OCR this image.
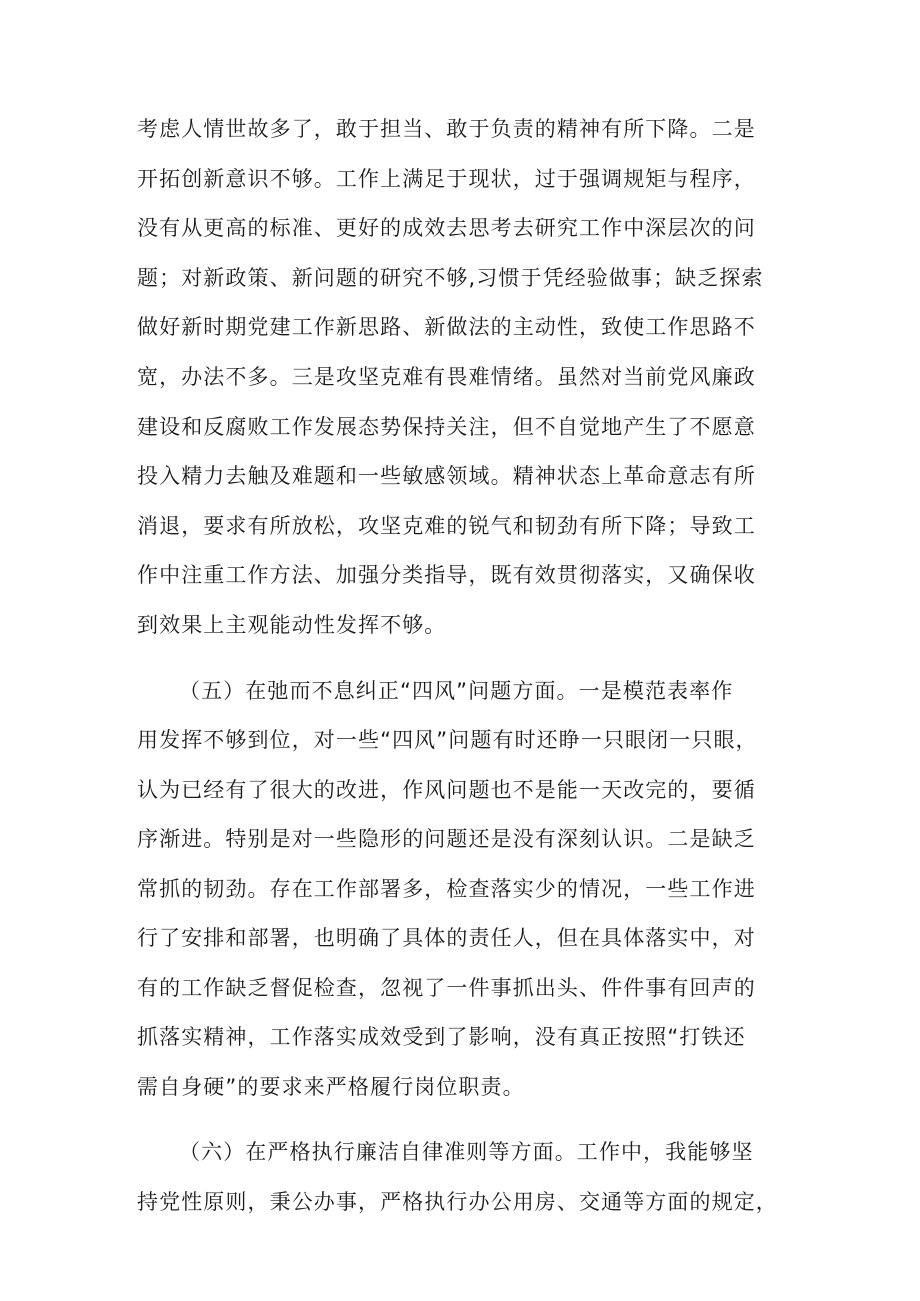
考虑人情世故多了，敢于担当、敢于负责的精神有所下降。二是
开拓创新意识不够。工作上满足于现状，过于强调规矩与程序，
没有从更高的标准、更好的成效去思考去研究工作中深层次的问
题；对新政策、新问题的研究不够,习惯于凭经验做事；缺乏探索
做好新时期党建工作新思路、新做法的主动性，致使工作思路不
宽，办法不多。三是攻坚克难有畏难情绪。虽然对当前党风廉政
建设和反腐败工作发展态势保持关注，但不自觉地产生了不愿意
投入精力去触及难题和一些敏感领域。精神状态上革命意志有所
消退，要求有所放松，攻坚克难的锐气和韧劲有所下降；导致工
作中注重工作方法、加强分类指导，既有效贯彻落实，又确保收
到效果上主观能动性发挥不够。
（五）在弛而不息纠正“四风”问题方面。一是模范表率作
用发挥不够到位，对一些“四风”问题有时还睁一只眼闭一只眼，
认为已经有了很大的改进，作风问题也不是能一天改完的，要循
序渐进。特别是对一些隐形的问题还是没有深刻认识。二是缺乏
常抓的韧劲。存在工作部署多，检查落实少的情况，一些工作进
行了安排和部署，也明确了具体的责任人，但在具体落实中，对
有的工作缺乏督促检查，忽视了一件事抓出头、件件事有回声的
抓落实精神，工作落实成效受到了影响，没有真正按照“打铁还
需自身硬”的要求来严格履行岗位职责。
（六）在严格执行廉洁自律准则等方面。工作中，我能够坚
持党性原则，秉公办事，严格执行办公用房、交通等方面的规定，
